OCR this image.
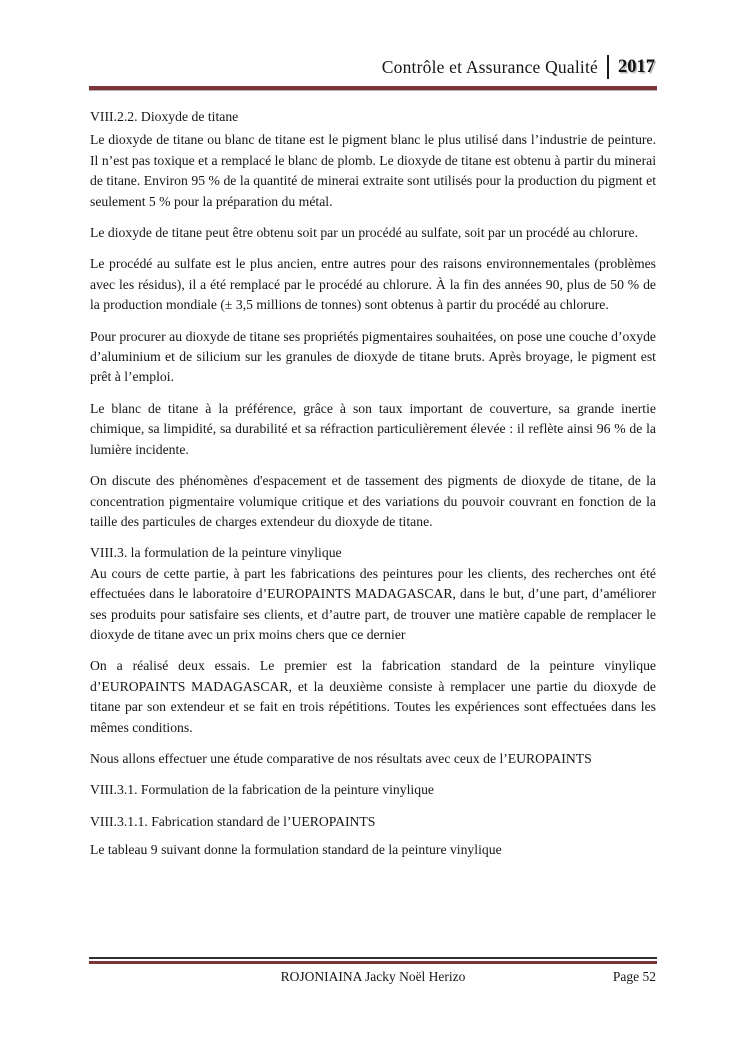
Contrôle et Assurance Qualité 2017

VIII.2.2. Dioxyde de titane

Le dioxyde de titane ou blanc de titane est le pigment blanc le plus utilisé dans l’industrie de peinture. Il n’est pas toxique et a remplacé le blanc de plomb. Le dioxyde de titane est obtenu à partir du minerai de titane. Environ 95 % de la quantité de minerai extraite sont utilisés pour la production du pigment et seulement 5 % pour la préparation du métal.

Le dioxyde de titane peut être obtenu soit par un procédé au sulfate, soit par un procédé au chlorure.

Le procédé au sulfate est le plus ancien, entre autres pour des raisons environnementales (problèmes avec les résidus), il a été remplacé par le procédé au chlorure. À la fin des années 90, plus de 50 % de la production mondiale (± 3,5 millions de tonnes) sont obtenus à partir du procédé au chlorure.

Pour procurer au dioxyde de titane ses propriétés pigmentaires souhaitées, on pose une couche d’oxyde d’aluminium et de silicium sur les granules de dioxyde de titane bruts. Après broyage, le pigment est prêt à l’emploi.

Le blanc de titane à la préférence, grâce à son taux important de couverture, sa grande inertie chimique, sa limpidité, sa durabilité et sa réfraction particulièrement élevée : il reflète ainsi 96 % de la lumière incidente.

On discute des phénomènes d'espacement et de tassement des pigments de dioxyde de titane, de la concentration pigmentaire volumique critique et des variations du pouvoir couvrant en fonction de la taille des particules de charges extendeur du dioxyde de titane.

VIII.3. la formulation de la peinture vinylique

Au cours de cette partie, à part les fabrications des peintures pour les clients, des recherches ont été effectuées dans le laboratoire d’EUROPAINTS MADAGASCAR, dans le but, d’une part, d’améliorer ses produits pour satisfaire ses clients, et d’autre part, de trouver une matière capable de remplacer le dioxyde de titane avec un prix moins chers que ce dernier

On a réalisé deux essais. Le premier est la fabrication standard de la peinture vinylique d’EUROPAINTS MADAGASCAR, et la deuxième consiste à remplacer une partie du dioxyde de titane par son extendeur et se fait en trois répétitions. Toutes les expériences sont effectuées dans les mêmes conditions.

Nous allons effectuer une étude comparative de nos résultats avec ceux de l’EUROPAINTS

VIII.3.1. Formulation de la fabrication de la peinture vinylique

VIII.3.1.1. Fabrication standard de l’UEROPAINTS

Le tableau 9 suivant donne la formulation standard de la peinture vinylique

ROJONIAINA Jacky Noël Herizo	Page 52
